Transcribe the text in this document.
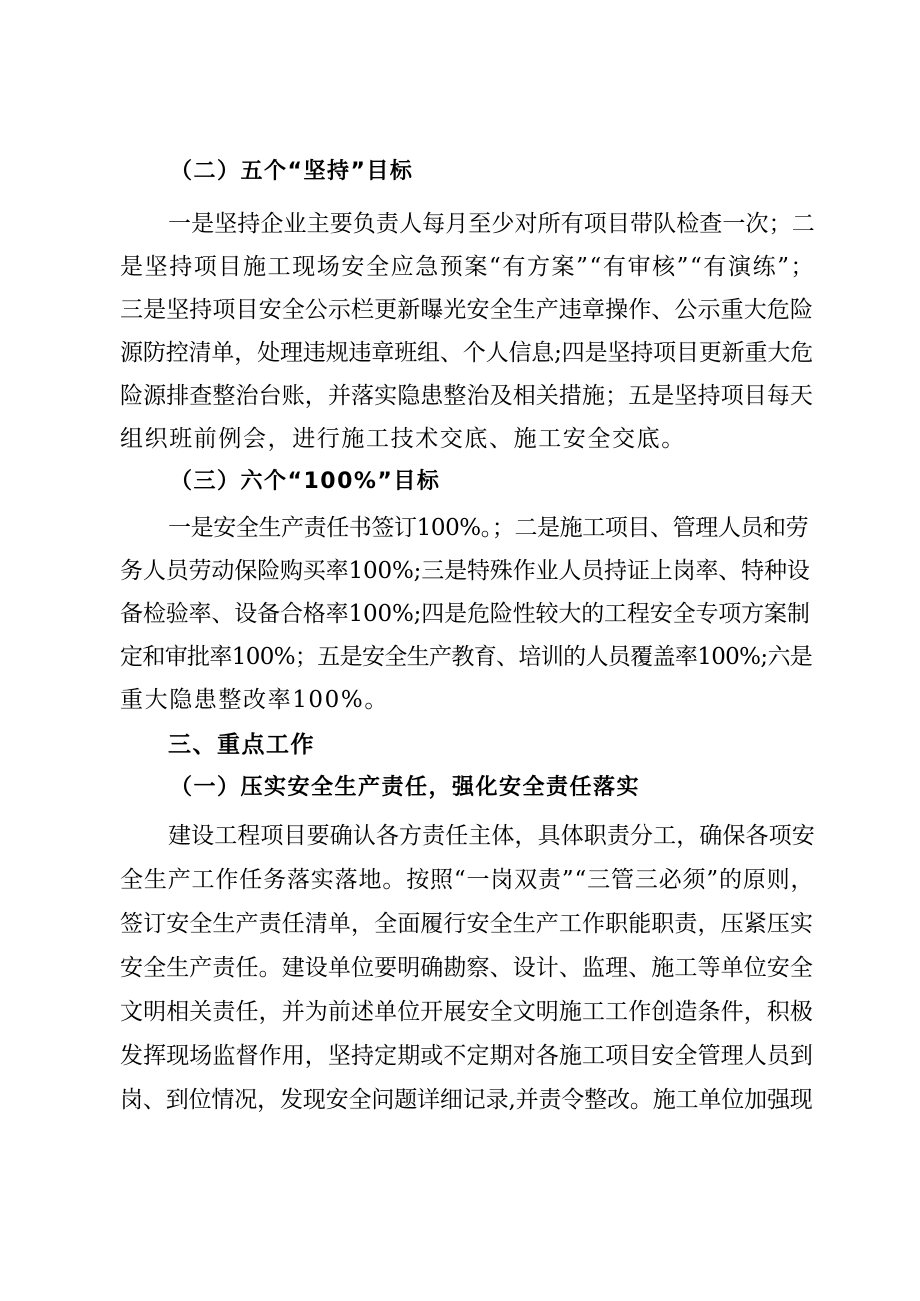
（二）五个“坚持”目标
一是坚持企业主要负责人每月至少对所有项目带队检查一次；二
是坚持项目施工现场安全应急预案“有方案”“有审核”“有演练”；
三是坚持项目安全公示栏更新曝光安全生产违章操作、公示重大危险
源防控清单，处理违规违章班组、个人信息;四是坚持项目更新重大危
险源排查整治台账，并落实隐患整治及相关措施；五是坚持项目每天
组织班前例会，进行施工技术交底、施工安全交底。
（三）六个“100%”目标
一是安全生产责任书签订100%。；二是施工项目、管理人员和劳
务人员劳动保险购买率100%;三是特殊作业人员持证上岗率、特种设
备检验率、设备合格率100%;四是危险性较大的工程安全专项方案制
定和审批率100%；五是安全生产教育、培训的人员覆盖率100%;六是
重大隐患整改率100%。
三、重点工作
（一）压实安全生产责任，强化安全责任落实
建设工程项目要确认各方责任主体，具体职责分工，确保各项安
全生产工作任务落实落地。按照“一岗双责”“三管三必须”的原则，
签订安全生产责任清单，全面履行安全生产工作职能职责，压紧压实
安全生产责任。建设单位要明确勘察、设计、监理、施工等单位安全
文明相关责任，并为前述单位开展安全文明施工工作创造条件，积极
发挥现场监督作用，坚持定期或不定期对各施工项目安全管理人员到
岗、到位情况，发现安全问题详细记录,并责令整改。施工单位加强现
